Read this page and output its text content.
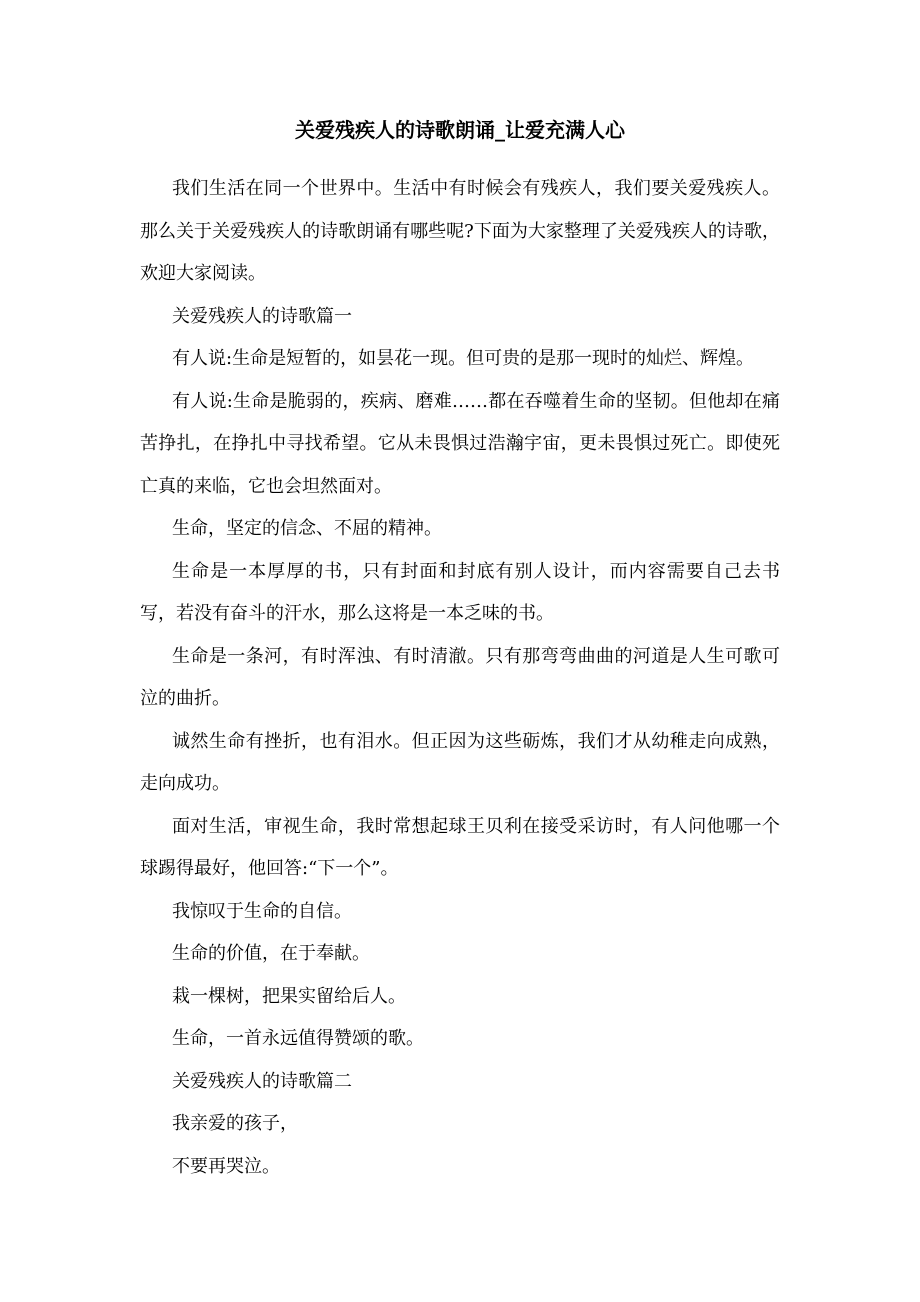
关爱残疾人的诗歌朗诵_让爱充满人心

我们生活在同一个世界中。生活中有时候会有残疾人，我们要关爱残疾人。那么关于关爱残疾人的诗歌朗诵有哪些呢?下面为大家整理了关爱残疾人的诗歌，欢迎大家阅读。

关爱残疾人的诗歌篇一

有人说:生命是短暂的，如昙花一现。但可贵的是那一现时的灿烂、辉煌。

有人说:生命是脆弱的，疾病、磨难……都在吞噬着生命的坚韧。但他却在痛苦挣扎，在挣扎中寻找希望。它从未畏惧过浩瀚宇宙，更未畏惧过死亡。即使死亡真的来临，它也会坦然面对。

生命，坚定的信念、不屈的精神。

生命是一本厚厚的书，只有封面和封底有别人设计，而内容需要自己去书写，若没有奋斗的汗水，那么这将是一本乏味的书。

生命是一条河，有时浑浊、有时清澈。只有那弯弯曲曲的河道是人生可歌可泣的曲折。

诚然生命有挫折，也有泪水。但正因为这些砺炼，我们才从幼稚走向成熟，走向成功。

面对生活，审视生命，我时常想起球王贝利在接受采访时，有人问他哪一个球踢得最好，他回答:“下一个”。

我惊叹于生命的自信。

生命的价值，在于奉献。

栽一棵树，把果实留给后人。

生命，一首永远值得赞颂的歌。

关爱残疾人的诗歌篇二

我亲爱的孩子，

不要再哭泣。
